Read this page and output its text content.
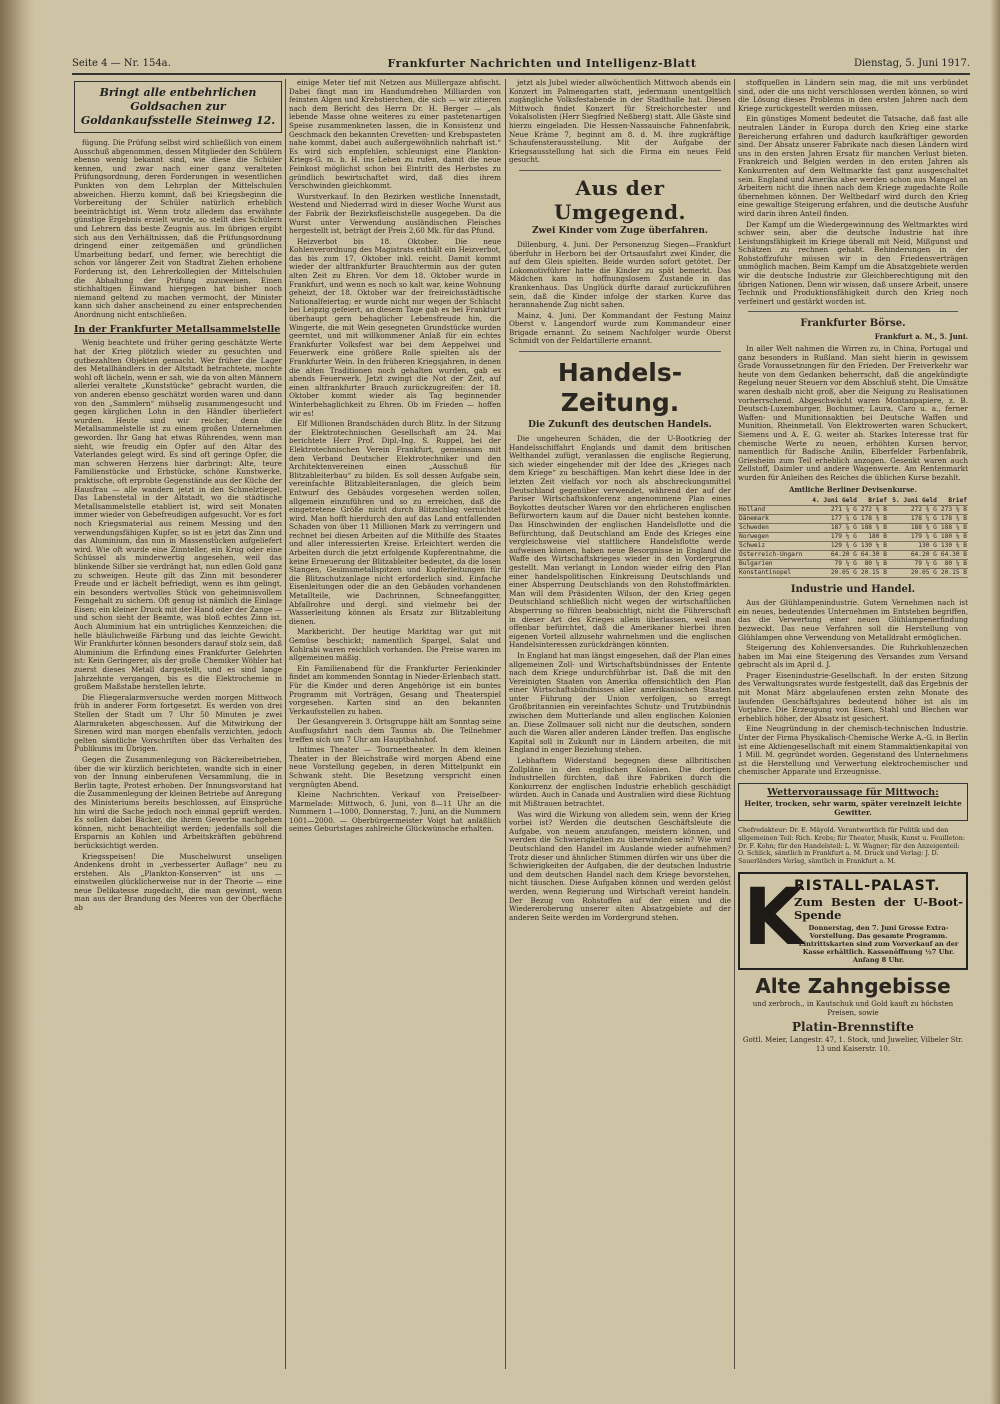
Seite 4 — Nr. 154a.	Frankfurter Nachrichten und Intelligenz-Blatt	Dienstag, 5. Juni 1917.
Bringt alle entbehrlichen Goldsachen zur Goldankaufsstelle Steinweg 12.

fügung. Die Prüfung selbst wird schließlich von einem Ausschuß abgenommen, dessen Mitglieder den Schülern ebenso wenig bekannt sind, wie diese die Schüler kennen, und zwar nach einer ganz veralteten Prüfungsordnung, deren Forderungen in wesentlichen Punkten von dem Lehrplan der Mittelschulen abweichen. Hierzu kommt, daß bei Kriegsbeginn die Vorbereitung der Schüler natürlich erheblich beeinträchtigt ist. Wenn trotz alledem das erwähnte günstige Ergebnis erzielt wurde, so stellt dies Schülern und Lehrern das beste Zeugnis aus. Im übrigen ergibt sich aus den Verhältnissen, daß die Prüfungsordnung dringend einer zeitgemäßen und gründlichen Umarbeitung bedarf, und ferner, wie berechtigt die schon vor längerer Zeit von Stadtrat Ziehen erhobene Forderung ist, den Lehrerkollegien der Mittelschulen die Abhaltung der Prüfung zuzuweisen. Einen stichhaltigen Einwand hiergegen hat bisher noch niemand geltend zu machen vermocht, der Minister kann sich daher anscheinend zu einer entsprechenden Anordnung nicht entschließen.

In der Frankfurter Metallsammelstelle

Wenig beachtete und früher gering geschätzte Werte hat der Krieg plötzlich wieder zu gesuchten und gutbezahlten Objekten gemacht. Wer früher die Lager des Metallhändlers in der Altstadt betrachtete, mochte wohl oft lächeln, wenn er sah, wie da von alten Männern allerlei veraltete „Kunststücke“ gebracht wurden, die von anderen ebenso geschätzt worden waren und dann von den „Sammlern“ mühselig zusammengesucht und gegen kärglichen Lohn in den Händler überliefert wurden. Heute sind wir reicher, denn die Metallsammelstelle ist zu einem großen Unternehmen geworden. Ihr Gang hat etwas Rührendes, wenn man sieht, wie freudig ein Opfer auf den Altar des Vaterlandes gelegt wird. Es sind oft geringe Opfer, die man schweren Herzens hier darbringt: Alte, teure Familienstücke und Erbstücke, schöne Kunstwerke, praktische, oft erprobte Gegenstände aus der Küche der Hausfrau — alle wandern jetzt in den Schmelztiegel. Das Labenstetal in der Altstadt, wo die städtische Metallsammelstelle etabliert ist, wird seit Monaten immer wieder von Gebefreudigen aufgesucht. Vor es fort noch Kriegsmaterial aus reinem Messing und den verwendungsfähigen Kupfer, so ist es jetzt das Zinn und das Aluminium, das nun in Massenstücken aufgeliefert wird. Wie oft wurde eine Zinnteller, ein Krug oder eine Schüssel als minderwertig angesehen, weil das blinkende Silber sie verdrängt hat, nun edlen Gold ganz zu schweigen. Heute gilt das Zinn mit besonderer Freude und er lächelt befriedigt, wenn es ihm gelingt, ein besonders wertvolles Stück von geheimnisvollem Feingehalt zu sichern. Oft genug ist nämlich die Einlage Eisen; ein kleiner Druck mit der Hand oder der Zange — und schon sieht der Beamte, was bloß echtes Zinn ist. Auch Aluminium hat ein untrügliches Kennzeichen: die helle bläulichweiße Färbung und das leichte Gewicht. Wir Frankfurter können besonders darauf stolz sein, daß Aluminium die Erfindung eines Frankfurter Gelehrten ist: Kein Geringerer, als der große Chemiker Wöhler hat zuerst dieses Metall dargestellt, und es sind lange Jahrzehnte vergangen, bis es die Elektrochemie in großem Maßstabe herstellen lehrte.

Die Fliegeralarmversuche werden morgen Mittwoch früh in anderer Form fortgesetzt. Es werden von drei Stellen der Stadt um 7 Uhr 50 Minuten je zwei Alarmraketen abgeschossen. Auf die Mitwirkung der Sirenen wird man morgen ebenfalls verzichten, jedoch gelten sämtliche Vorschriften über das Verhalten des Publikums im Übrigen.

Gegen die Zusammenlegung von Bäckereibetrieben, über die wir kürzlich berichteten, wandte sich in einer von der Innung einberufenen Versammlung, die in Berlin tagte, Protest erhoben. Der Innungsvorstand hat die Zusammenlegung der kleinen Betriebe auf Anregung des Ministeriums bereits beschlossen, auf Einsprüche hin wird die Sache jedoch noch einmal geprüft werden. Es sollen dabei Bäcker, die ihrem Gewerbe nachgehen können, nicht benachteiligt werden; jedenfalls soll die Ersparnis an Kohlen und Arbeitskräften gebührend berücksichtigt werden.

Kriegsspeisen! Die Muschelwurst unseligen Andenkens droht in „verbesserter Auflage“ neu zu erstehen. Als „Plankton-Konserven“ ist uns — einstweilen glücklicherweise nur in der Theorie — eine neue Delikatesse zugedacht, die man gewinnt, wenn man aus der Brandung des Meeres von der Oberfläche ab

einige Meter tief mit Netzen aus Müllergaze abfischt. Dabei fängt man im Handumdrehen Milliarden von feinsten Algen und Krebstierchen, die sich — wir zitieren nach dem Bericht des Herrn Dr. H. Berger — „als lebende Masse ohne weiteres zu einer pastetenartigen Speise zusammenkneten lassen, die in Konsistenz und Geschmack den bekannten Crevetten- und Krebspasteten nahe kommt, dabei auch außergewöhnlich nahrhaft ist.“ Es wird sich empfehlen, schleunigst eine Plankton-Kriegs-G. m. b. H. ins Leben zu rufen, damit die neue Feinkost möglichst schon bei Eintritt des Herbstes zu gründlich bewirtschaftet wird, daß dies ihrem Verschwinden gleichkommt.

Wurstverkauf. In den Bezirken westliche Innenstadt, Westend und Niederrad wird in dieser Woche Wurst aus der Fabrik der Bezirksfleischstelle ausgegeben. Da die Wurst unter Verwendung ausländischen Fleisches hergestellt ist, beträgt der Preis 2,60 Mk. für das Pfund.

Heizverbot bis 18. Oktober. Die neue Kohlenverordnung des Magistrats enthält ein Heizverbot, das bis zum 17. Oktober inkl. reicht. Damit kommt wieder der altfrankfurter Brauchtermin aus der guten alten Zeit zu Ehren. Vor dem 18. Oktober wurde in Frankfurt, und wenn es noch so kalt war, keine Wohnung geheizt, der 18. Oktober war der freireichsstädtische Nationalfeiertag; er wurde nicht nur wegen der Schlacht bei Leipzig gefeiert, an diesem Tage gab es bei Frankfurt überhaupt gern behaglicher Lebensfreude hin, die Wingerte, die mit Wein gesegneten Grundstücke wurden geerntet, und mit willkommener Anlaß für ein echtes Frankfurter Volksfest war bei dem Aeppelwei und Feuerwerk eine größere Rolle spielten als der Frankfurter Wein. In den früheren Kriegsjahren, in denen die alten Traditionen noch gehalten wurden, gab es abends Feuerwerk. Jetzt zwingt die Not der Zeit, auf einen altfrankfurter Brauch zurückzugreifen: der 18. Oktober kommt wieder als Tag beginnender Winterbehaglichkeit zu Ehren. Ob im Frieden — hoffen wir es!

Elf Millionen Brandschäden durch Blitz. In der Sitzung der Elektrotechnischen Gesellschaft am 24. Mai berichtete Herr Prof. Dipl.-Ing. S. Ruppel, bei der Elektrotechnischen Verein Frankfurt, gemeinsam mit dem Verband Deutscher Elektrotechniker und den Architektenvereinen einen „Ausschuß für Blitzableiterbau“ zu bilden. Es soll dessen Aufgabe sein, vereinfachte Blitzableiteranlagen, die gleich beim Entwurf des Gebäudes vorgesehen werden sollen, allgemein einzuführen und so zu erreichen, daß die eingetretene Größe nicht durch Blitzschlag vernichtet wird. Man hofft hierdurch den auf das Land entfallenden Schaden von über 11 Millionen Mark zu verringern und rechnet bei diesen Arbeiten auf die Mithilfe des Staates und aller interessierten Kreise. Erleichtert werden die Arbeiten durch die jetzt erfolgende Kupferentnahme, die keine Erneuerung der Blitzableiter bedeutet, da die losen Stangen, Gesimsmetallspitzen und Kupferleitungen für die Blitzschutzanlage nicht erforderlich sind. Einfache Eisenleitungen oder die an den Gebäuden vorhandenen Metallteile, wie Dachrinnen, Schneefanggitter, Abfallrohre und dergl. sind vielmehr bei der Wasserleitung können als Ersatz zur Blitzableitung dienen.

Markbericht. Der heutige Markttag war gut mit Gemüse beschickt; namentlich Spargel, Salat und Kohlrabi waren reichlich vorhanden. Die Preise waren im allgemeinen mäßig.

Ein Familienabend für die Frankfurter Ferienkinder findet am kommenden Sonntag in Nieder-Erlenbach statt. Für die Kinder und deren Angehörige ist ein buntes Programm mit Vorträgen, Gesang und Theaterspiel vorgesehen. Karten sind an den bekannten Verkaufsstellen zu haben.

Der Gesangverein 3. Ortsgruppe hält am Sonntag seine Ausflugsfahrt nach dem Taunus ab. Die Teilnehmer treffen sich um 7 Uhr am Hauptbahnhof.

Intimes Theater — Tourneetheater. In dem kleinen Theater in der Bleichstraße wird morgen Abend eine neue Vorstellung gegeben, in deren Mittelpunkt ein Schwank steht. Die Besetzung verspricht einen vergnügten Abend.

Kleine Nachrichten. Verkauf von Preiselbeer-Marmelade: Mittwoch, 6. Juni, von 8—11 Uhr an die Nummern 1—1000, Donnerstag, 7. Juni, an die Nummern 1001—2000. — Oberbürgermeister Voigt hat anläßlich seines Geburtstages zahlreiche Glückwünsche erhalten.

jetzt als Jubel wieder allwöchentlich Mittwoch abends ein Konzert im Palmengarten statt, jedermann unentgeltlich zugängliche Volksfestabende in der Stadthalle hat. Diesen Mittwoch findet Konzert für Streichorchester und Vokalsolisten (Herr Siegfried Neßberg) statt. Alle Gäste sind hierzu eingeladen. Die Hessen-Nassauische Fahnenfabrik, Neue Kräme 7, beginnt am 8. d. M. ihre zugkräftige Schaufensterausstellung. Mit der Aufgabe der Kriegsausstellung hat sich die Firma ein neues Feld gesucht.

Aus der Umgegend.
Zwei Kinder vom Zuge überfahren.

Dillenburg, 4. Juni. Der Personenzug Siegen—Frankfurt überfuhr in Herborn bei der Ortsausfahrt zwei Kinder, die auf dem Gleis spielten. Beide wurden sofort getötet. Der Lokomotivführer hatte die Kinder zu spät bemerkt. Das Mädchen kam in hoffnungslosem Zustande in das Krankenhaus. Das Unglück dürfte darauf zurückzuführen sein, daß die Kinder infolge der starken Kurve das herannahende Zug nicht sahen.

Mainz, 4. Juni. Der Kommandant der Festung Mainz Oberst v. Langendorf wurde zum Kommandeur einer Brigade ernannt. Zu seinem Nachfolger wurde Oberst Schmidt von der Feldartillerie ernannt.

Handels-Zeitung.
Die Zukunft des deutschen Handels.

Die ungeheuren Schäden, die der U-Bootkrieg der Handelsschiffahrt Englands und damit dem britischen Welthandel zufügt, veranlassen die englische Regierung, sich wieder eingehender mit der Idee des „Krieges nach dem Kriege“ zu beschäftigen. Man kehrt diese Idee in der letzten Zeit vielfach vor noch als abschreckungsmittel Deutschland gegenüber verwendet, während der auf der Pariser Wirtschaftskonferenz angenommene Plan eines Boykottes deutscher Waren vor den ehrlicheren englischen Befürwortern kaum auf die Dauer nicht bestehen konnte. Das Hinschwinden der englischen Handelsflotte und die Befürchtung, daß Deutschland am Ende des Krieges eine vergleichsweise viel stattlichere Handelsflotte werde aufweisen können, haben neue Besorgnisse in England die Waffe des Wirtschaftskrieges wieder in den Vordergrund gestellt. Man verlangt in London wieder eifrig den Plan einer handelspolitischen Einkreisung Deutschlands und einer Absperrung Deutschlands von den Rohstoffmärkten. Man will dem Präsidenten Wilson, der den Krieg gegen Deutschland schließlich nicht wegen der wirtschaftlichen Absperrung so führen beabsichtigt, nicht die Führerschaft in dieser Art des Krieges allein überlassen, weil man offenbar befürchtet, daß die Amerikaner hierbei ihren eigenen Vorteil allzusehr wahrnehmen und die englischen Handelsinteressen zurückdrängen könnten.

In England hat man längst eingesehen, daß der Plan eines allgemeinen Zoll- und Wirtschaftsbündnisses der Entente nach dem Kriege undurchführbar ist. Daß die mit den Vereinigten Staaten von Amerika offensichtlich den Plan einer Wirtschaftsbündnisses aller amerikanischen Staaten unter Führung der Union verfolgen, so erregt Großbritannien ein vereinfachtes Schutz- und Trutzbündnis zwischen dem Mutterlande und allen englischen Kolonien an. Diese Zollmauer soll nicht nur die deutschen, sondern auch die Waren aller anderen Länder treffen. Das englische Kapital soll in Zukunft nur in Ländern arbeiten, die mit England in enger Beziehung stehen.

Lebhaftem Widerstand begegnen diese allbritischen Zollpläne in den englischen Kolonien. Die dortigen Industriellen fürchten, daß ihre Fabriken durch die Konkurrenz der englischen Industrie erheblich geschädigt würden. Auch in Canada und Australien wird diese Richtung mit Mißtrauen betrachtet.

Was wird die Wirkung von alledem sein, wenn der Krieg vorbei ist? Werden die deutschen Geschäftsleute die Aufgabe, von neuem anzufangen, meistern können, und werden die Schwierigkeiten zu überwinden sein? Wie wird Deutschland den Handel im Auslande wieder aufnehmen? Trotz dieser und ähnlicher Stimmen dürfen wir uns über die Schwierigkeiten der Aufgaben, die der deutschen Industrie und dem deutschen Handel nach dem Kriege bevorstehen, nicht täuschen. Diese Aufgaben können und werden gelöst werden, wenn Regierung und Wirtschaft vereint handeln. Der Bezug von Rohstoffen auf der einen und die Wiedereroberung unserer alten Absatzgebiete auf der anderen Seite werden im Vordergrund stehen.

stoffquellen in Ländern sein mag, die mit uns verbündet sind, oder die uns nicht verschlossen werden können, so wird die Lösung dieses Problems in den ersten Jahren nach dem Kriege zurückgestellt werden müssen.

Ein günstiges Moment bedeutet die Tatsache, daß fast alle neutralen Länder in Europa durch den Krieg eine starke Bereicherung erfahren und dadurch kaufkräftiger geworden sind. Der Absatz unserer Fabrikate nach diesen Ländern wird uns in den ersten Jahren Ersatz für manchen Verlust bieten. Frankreich und Belgien werden in den ersten Jahren als Konkurrenten auf dem Weltmarkte fast ganz ausgeschaltet sein. England und Amerika aber werden schon aus Mangel an Arbeitern nicht die ihnen nach dem Kriege zugedachte Rolle übernehmen können. Der Weltbedarf wird durch den Krieg eine gewaltige Steigerung erfahren, und die deutsche Ausfuhr wird darin ihren Anteil finden.

Der Kampf um die Wiedergewinnung des Weltmarktes wird schwer sein, aber die deutsche Industrie hat ihre Leistungsfähigkeit im Kriege überall mit Neid, Mißgunst und Schätzen zu rechnen gehabt. Behinderungen in der Rohstoffzufuhr müssen wir in den Friedensverträgen unmöglich machen. Beim Kampf um die Absatzgebiete werden wir die deutsche Industrie zur Gleichberechtigung mit den übrigen Nationen. Denn wir wissen, daß unsere Arbeit, unsere Technik und Produktionsfähigkeit durch den Krieg noch verfeinert und gestärkt worden ist.

Frankfurter Börse.
Frankfurt a. M., 5. Juni.

In aller Welt nahmen die Wirren zu, in China, Portugal und ganz besonders in Rußland. Man sieht hierin in gewissem Grade Voraussetzungen für den Frieden. Der Freiverkehr war heute von dem Gedanken beherrscht, daß die angekündigte Regelung neuer Steuern vor dem Abschluß steht. Die Umsätze waren deshalb nicht groß, aber die Neigung zu Realisationen vorherrschend. Abgeschwächt waren Montanpapiere, z. B. Deutsch-Luxemburger, Bochumer, Laura, Caro u. a., ferner Waffen- und Munitionsaktien bei Deutsche Waffen und Munition, Rheinmetall. Von Elektrowerten waren Schuckert, Siemens und A. E. G. weiter ab. Starkes Interesse trat für chemische Werte zu neuen, erhöhten Kursen hervor, namentlich für Badische Anilin, Elberfelder Farbenfabrik, Griesheim zum Teil erheblich anzogen. Gesenkt waren auch Zellstoff, Daimler und andere Wagenwerte. Am Rentenmarkt wurden für Anleihen des Reiches die üblichen Kurse bezahlt.

Amtliche Berliner Devisenkurse.
	4. Juni Geld	Brief	5. Juni Geld	Brief
Holland	271 ⅞ G	272 ⅜ B	272 ⅜ G	273 ⅛ B
Dänemark	177 ⅞ G	178 ⅜ B	178 ¼ G	178 ¾ B
Schweden	187 ⅞ G	188 ⅜ B	188 ⅜ G	188 ⅞ B
Norwegen	179 ½ G	180 B	179 ⅝ G	180 ⅛ B
Schweiz	129 ¾ G	130 ⅛ B	130 G	130 ⅜ B
Österreich-Ungarn	64.20 G	64.30 B	64.20 G	64.30 B
Bulgarien	79 ¼ G	80 ¼ B	79 ¼ G	80 ¼ B
Konstantinopel	20.05 G	20.15 B	20.05 G	20.15 B
Industrie und Handel.

Aus der Glühlampenindustrie. Gutem Vernehmen nach ist ein neues, bedeutendes Unternehmen im Entstehen begriffen, das die Verwertung einer neuen Glühlampenerfindung bezweckt. Das neue Verfahren soll die Herstellung von Glühlampen ohne Verwendung von Metalldraht ermöglichen.

Steigerung des Kohlenversandes. Die Ruhrkohlenzechen haben im Mai eine Steigerung des Versandes zum Versand gebracht als im April d. J.

Prager Eisenindustrie-Gesellschaft. In der ersten Sitzung des Verwaltungsrates wurde festgestellt, daß das Ergebnis der mit Monat März abgelaufenen ersten zehn Monate des laufenden Geschäftsjahres bedeutend höher ist als im Vorjahre. Die Erzeugung von Eisen, Stahl und Blechen war erheblich höher, der Absatz ist gesichert.

Eine Neugründung in der chemisch-technischen Industrie. Unter der Firma Physikalisch-Chemische Werke A.-G. in Berlin ist eine Aktiengesellschaft mit einem Stammaktienkapital von 1 Mill. M. gegründet worden. Gegenstand des Unternehmens ist die Herstellung und Verwertung elektrochemischer und chemischer Apparate und Erzeugnisse.

Wettervoraussage für Mittwoch:
Heiter, trocken, sehr warm, später vereinzelt leichte Gewitter.
Chefredakteur: Dr. E. Mäyold. Verantwortlich für Politik und den allgemeinen Teil: Rich. Krebs; für Theater, Musik, Kunst u. Feuilleton: Dr. F. Kohn; für den Handelsteil: L. W. Wagner; für den Anzeigenteil: O. Schlick, sämtlich in Frankfurt a. M. Druck und Verlag: J. D. Sauerländers Verlag, sämtlich in Frankfurt a. M.
K
RISTALL-PALAST.
Zum Besten der U-Boot-Spende
Donnerstag, den 7. Juni Grosse Extra-Vorstellung. Das gesamte Programm. Eintrittskarten sind zum Vorverkauf an der Kasse erhältlich. Kassenöffnung ½7 Uhr. Anfang 8 Uhr.
Alte Zahngebisse
und zerbroch., in Kautschuk und Gold kauft zu höchsten Preisen, sowie
Platin-Brennstifte
Gottl. Meier, Langestr. 47, 1. Stock, und Juwelier, Vilbeler Str. 13 und Kaiserstr. 10.
